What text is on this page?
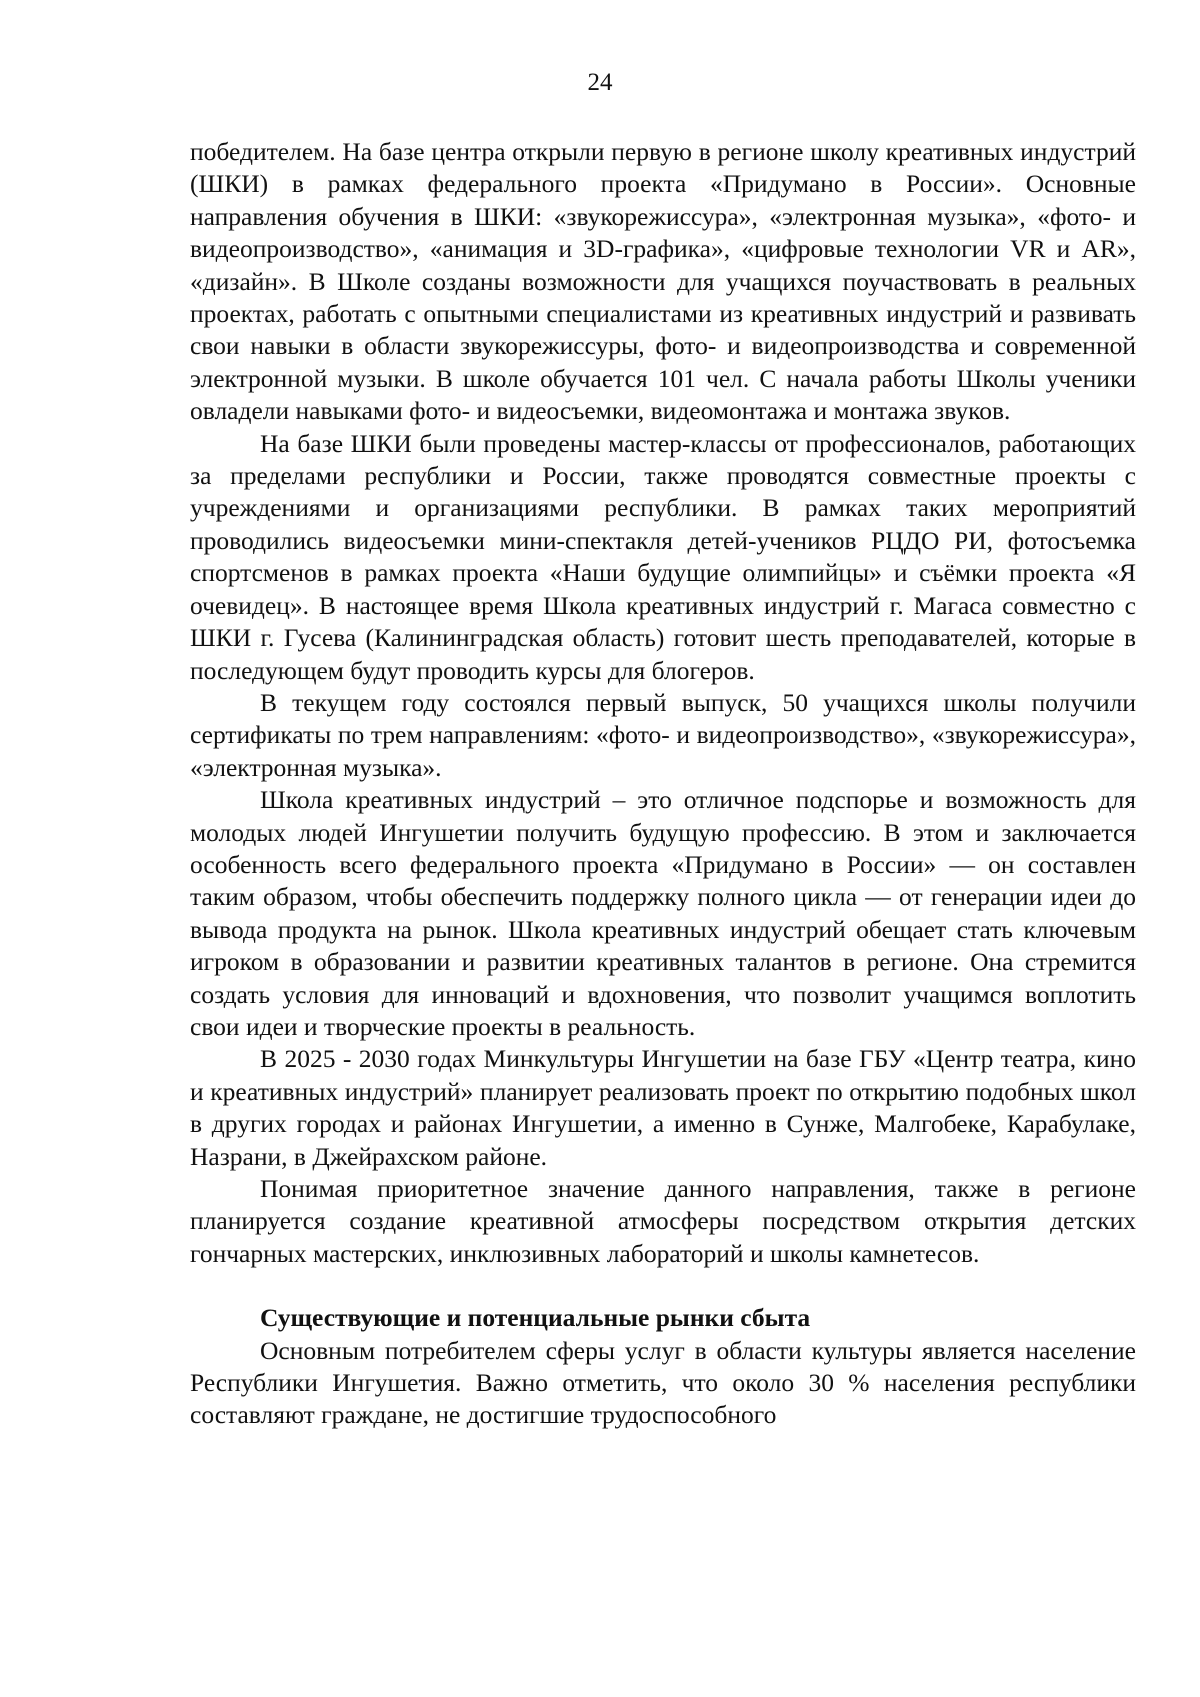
24

победителем. На базе центра открыли первую в регионе школу креативных индустрий (ШКИ) в рамках федерального проекта «Придумано в России». Основные направления обучения в ШКИ: «звукорежиссура», «электронная музыка», «фото- и видеопроизводство», «анимация и 3D-графика», «цифровые технологии VR и AR», «дизайн». В Школе созданы возможности для учащихся поучаствовать в реальных проектах, работать с опытными специалистами из креативных индустрий и развивать свои навыки в области звукорежиссуры, фото- и видеопроизводства и современной электронной музыки. В школе обучается 101 чел. С начала работы Школы ученики овладели навыками фото- и видеосъемки, видеомонтажа и монтажа звуков.

На базе ШКИ были проведены мастер-классы от профессионалов, работающих за пределами республики и России, также проводятся совместные проекты с учреждениями и организациями республики. В рамках таких мероприятий проводились видеосъемки мини-спектакля детей-учеников РЦДО РИ, фотосъемка спортсменов в рамках проекта «Наши будущие олимпийцы» и съёмки проекта «Я очевидец». В настоящее время Школа креативных индустрий г. Магаса совместно с ШКИ г. Гусева (Калининградская область) готовит шесть преподавателей, которые в последующем будут проводить курсы для блогеров.

В текущем году состоялся первый выпуск, 50 учащихся школы получили сертификаты по трем направлениям: «фото- и видеопроизводство», «звукорежиссура», «электронная музыка».

Школа креативных индустрий – это отличное подспорье и возможность для молодых людей Ингушетии получить будущую профессию. В этом и заключается особенность всего федерального проекта «Придумано в России» — он составлен таким образом, чтобы обеспечить поддержку полного цикла — от генерации идеи до вывода продукта на рынок. Школа креативных индустрий обещает стать ключевым игроком в образовании и развитии креативных талантов в регионе. Она стремится создать условия для инноваций и вдохновения, что позволит учащимся воплотить свои идеи и творческие проекты в реальность.

В 2025 - 2030 годах Минкультуры Ингушетии на базе ГБУ «Центр театра, кино и креативных индустрий» планирует реализовать проект по открытию подобных школ в других городах и районах Ингушетии, а именно в Сунже, Малгобеке, Карабулаке, Назрани, в Джейрахском районе.

Понимая приоритетное значение данного направления, также в регионе планируется создание креативной атмосферы посредством открытия детских гончарных мастерских, инклюзивных лабораторий и школы камнетесов.

Существующие и потенциальные рынки сбыта

Основным потребителем сферы услуг в области культуры является население Республики Ингушетия. Важно отметить, что около 30 % населения республики составляют граждане, не достигшие трудоспособного
